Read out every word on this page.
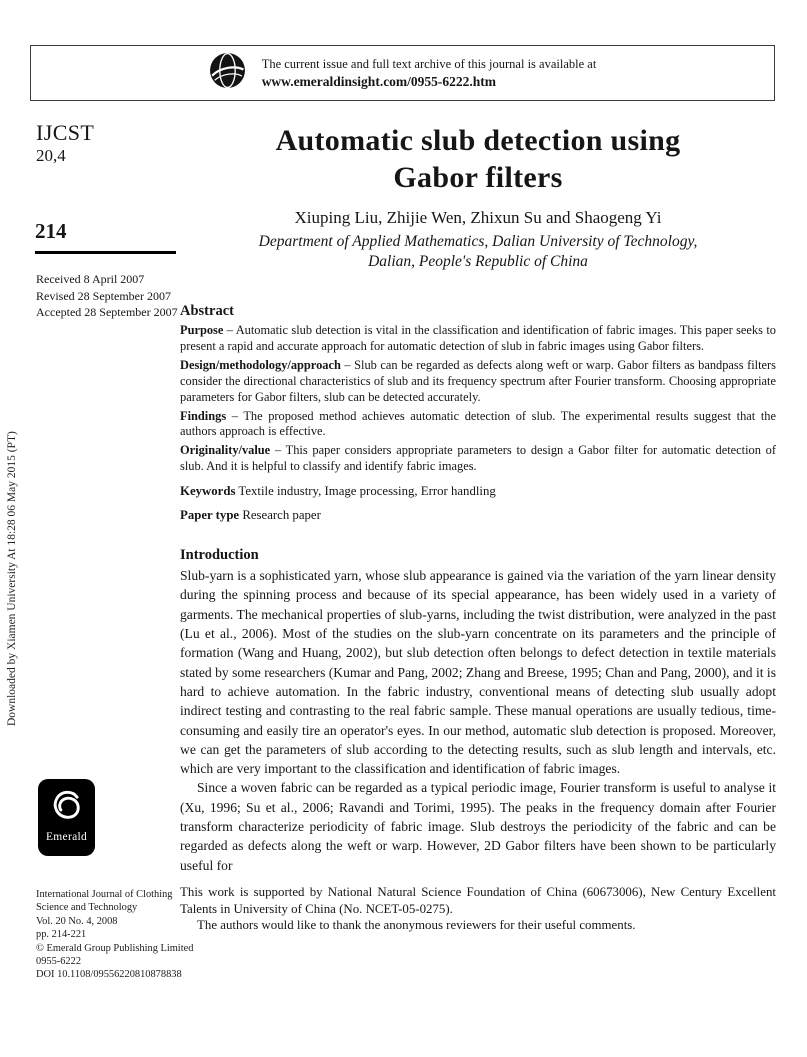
The current issue and full text archive of this journal is available at
www.emeraldinsight.com/0955-6222.htm
Downloaded by Xiamen University At 18:28 06 May 2015 (PT)
IJCST
20,4
214
Received 8 April 2007
Revised 28 September 2007
Accepted 28 September 2007
Emerald
International Journal of Clothing
Science and Technology
Vol. 20 No. 4, 2008
pp. 214-221
© Emerald Group Publishing Limited
0955-6222
DOI 10.1108/09556220810878838
Automatic slub detection using
Gabor filters
Xiuping Liu, Zhijie Wen, Zhixun Su and Shaogeng Yi
Department of Applied Mathematics, Dalian University of Technology,
Dalian, People's Republic of China
Abstract

Purpose – Automatic slub detection is vital in the classification and identification of fabric images. This paper seeks to present a rapid and accurate approach for automatic detection of slub in fabric images using Gabor filters.

Design/methodology/approach – Slub can be regarded as defects along weft or warp. Gabor filters as bandpass filters consider the directional characteristics of slub and its frequency spectrum after Fourier transform. Choosing appropriate parameters for Gabor filters, slub can be detected accurately.

Findings – The proposed method achieves automatic detection of slub. The experimental results suggest that the authors approach is effective.

Originality/value – This paper considers appropriate parameters to design a Gabor filter for automatic detection of slub. And it is helpful to classify and identify fabric images.

Keywords Textile industry, Image processing, Error handling

Paper type Research paper

Introduction

Slub-yarn is a sophisticated yarn, whose slub appearance is gained via the variation of the yarn linear density during the spinning process and because of its special appearance, has been widely used in a variety of garments. The mechanical properties of slub-yarns, including the twist distribution, were analyzed in the past (Lu et al., 2006). Most of the studies on the slub-yarn concentrate on its parameters and the principle of formation (Wang and Huang, 2002), but slub detection often belongs to defect detection in textile materials stated by some researchers (Kumar and Pang, 2002; Zhang and Breese, 1995; Chan and Pang, 2000), and it is hard to achieve automation. In the fabric industry, conventional means of detecting slub usually adopt indirect testing and contrasting to the real fabric sample. These manual operations are usually tedious, time-consuming and easily tire an operator's eyes. In our method, automatic slub detection is proposed. Moreover, we can get the parameters of slub according to the detecting results, such as slub length and intervals, etc. which are very important to the classification and identification of fabric images.

Since a woven fabric can be regarded as a typical periodic image, Fourier transform is useful to analyse it (Xu, 1996; Su et al., 2006; Ravandi and Torimi, 1995). The peaks in the frequency domain after Fourier transform characterize periodicity of fabric image. Slub destroys the periodicity of the fabric and can be regarded as defects along the weft or warp. However, 2D Gabor filters have been shown to be particularly useful for

This work is supported by National Natural Science Foundation of China (60673006), New Century Excellent Talents in University of China (No. NCET-05-0275).

The authors would like to thank the anonymous reviewers for their useful comments.
